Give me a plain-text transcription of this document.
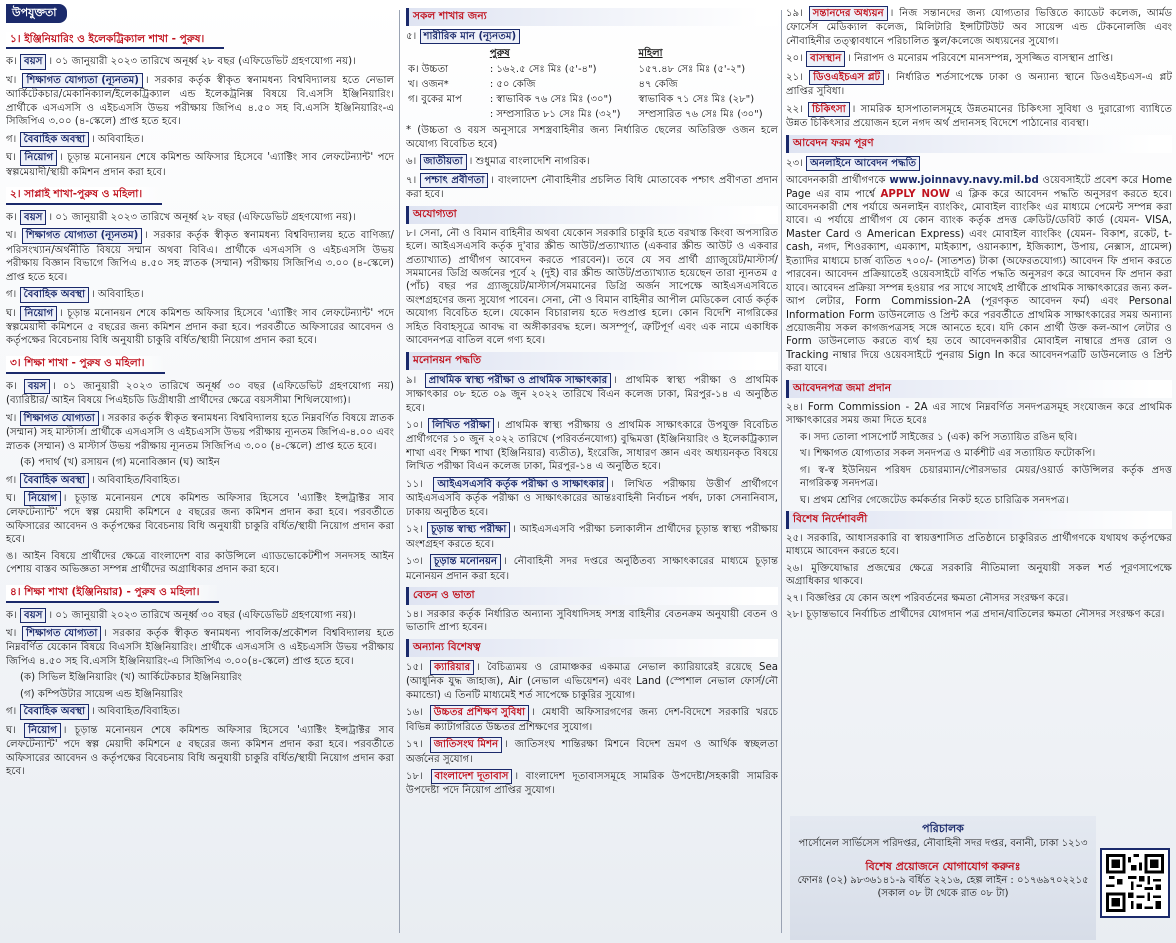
উপযুক্ততা
১। ইঞ্জিনিয়ারিং ও ইলেকট্রিক্যাল শাখা - পুরুষ।
ক। বয়স । ০১ জানুয়ারী ২০২৩ তারিখে অনূর্ধ্ব ২৮ বছর (এফিডেভিট গ্রহণযোগ্য নয়)।
খ। শিক্ষাগত যোগ্যতা (ন্যূনতম) । সরকার কর্তৃক স্বীকৃত স্বনামধন্য বিশ্ববিদ্যালয় হতে নেভাল আর্কিটেকচার/মেকানিক্যাল/ইলেকট্রিক্যাল এন্ড ইলেকট্রনিক্স বিষয়ে বি.এসসি ইঞ্জিনিয়ারিং। প্রার্থীকে এসএসসি ও এইচএসসি উভয় পরীক্ষায় জিপিএ ৪.৫০ সহ বি.এসসি ইঞ্জিনিয়ারিং-এ সিজিপিএ ৩.০০ (৪-স্কেলে) প্রাপ্ত হতে হবে।
গ। বৈবাহিক অবস্থা । অবিবাহিত।
ঘ। নিয়োগ । চূড়ান্ত মনোনয়ন শেষে কমিশন্ড অফিসার হিসেবে 'এ্যাক্টিং সাব লেফটেন্যান্ট' পদে স্বল্পমেয়াদী/স্থায়ী কমিশন প্রদান করা হবে।
২। সাপ্লাই শাখা-পুরুষ ও মহিলা।
ক। বয়স । ০১ জানুয়ারী ২০২৩ তারিখে অনূর্ধ্ব ২৮ বছর (এফিডেভিট গ্রহণযোগ্য নয়)।
খ। শিক্ষাগত যোগ্যতা (ন্যূনতম) । সরকার কর্তৃক স্বীকৃত স্বনামধন্য বিশ্ববিদ্যালয় হতে বাণিজ্য/পরিসংখ্যান/অর্থনীতি বিষয়ে সম্মান অথবা বিবিএ। প্রার্থীকে এসএসসি ও এইচএসসি উভয় পরীক্ষায় বিজ্ঞান বিভাগে জিপিএ ৪.৫০ সহ স্নাতক (সম্মান) পরীক্ষায় সিজিপিএ ৩.০০ (৪-স্কেলে) প্রাপ্ত হতে হবে।
গ। বৈবাহিক অবস্থা । অবিবাহিত।
ঘ। নিয়োগ । চূড়ান্ত মনোনয়ন শেষে কমিশন্ড অফিসার হিসেবে 'এ্যাক্টিং সাব লেফটেন্যান্ট' পদে স্বল্পমেয়াদী কমিশনে ৫ বছরের জন্য কমিশন প্রদান করা হবে। পরবর্তীতে অফিসারের আবেদন ও কর্তৃপক্ষের বিবেচনায় বিধি অনুযায়ী চাকুরি বর্ধিত/স্থায়ী নিয়োগ প্রদান করা হবে।
৩। শিক্ষা শাখা - পুরুষ ও মহিলা।
ক। বয়স । ০১ জানুয়ারী ২০২৩ তারিখে অনূর্ধ্ব ৩০ বছর (এফিডেভিট গ্রহণযোগ্য নয়) (ব্যারিষ্টার/ আইন বিষয়ে পিএইচডি ডিগ্রীধারী প্রার্থীদের ক্ষেত্রে বয়সসীমা শিথিলযোগ্য)।
খ। শিক্ষাগত যোগ্যতা । সরকার কর্তৃক স্বীকৃত স্বনামধন্য বিশ্ববিদ্যালয় হতে নিম্নবর্ণিত বিষয়ে স্নাতক (সম্মান) সহ মাস্টার্স। প্রার্থীকে এসএসসি ও এইচএসসি উভয় পরীক্ষায় ন্যূনতম জিপিএ-৪.০০ এবং স্নাতক (সম্মান) ও মাস্টার্স উভয় পরীক্ষায় ন্যূনতম সিজিপিএ ৩.০০ (৪-স্কেলে) প্রাপ্ত হতে হবে।
(ক) পদার্থ (খ) রসায়ন (গ) মনোবিজ্ঞান (ঘ) আইন
গ। বৈবাহিক অবস্থা । অবিবাহিত/বিবাহিত।
ঘ। নিয়োগ । চূড়ান্ত মনোনয়ন শেষে কমিশন্ড অফিসার হিসেবে 'এ্যাক্টিং ইন্সট্রাক্টর সাব লেফটেন্যান্ট' পদে স্বল্প মেয়াদী কমিশনে ৫ বছরের জন্য কমিশন প্রদান করা হবে। পরবর্তীতে অফিসারের আবেদন ও কর্তৃপক্ষের বিবেচনায় বিধি অনুযায়ী চাকুরি বর্ধিত/স্থায়ী নিয়োগ প্রদান করা হবে।
ঙ। আইন বিষয়ে প্রার্থীদের ক্ষেত্রে বাংলাদেশ বার কাউন্সিলে এ্যাডভোকেটশীপ সনদসহ আইন পেশায় বাস্তব অভিজ্ঞতা সম্পন্ন প্রার্থীদের অগ্রাধিকার প্রদান করা হবে।
৪। শিক্ষা শাখা (ইঞ্জিনিয়ার) - পুরুষ ও মহিলা।
ক। বয়স । ০১ জানুয়ারী ২০২৩ তারিখে অনূর্ধ্ব ৩০ বছর (এফিডেভিট গ্রহণযোগ্য নয়)।
খ। শিক্ষাগত যোগ্যতা । সরকার কর্তৃক স্বীকৃত স্বনামধন্য পাবলিক/প্রকৌশল বিশ্ববিদ্যালয় হতে নিম্নবর্ণিত যেকোন বিষয়ে বিএসসি ইঞ্জিনিয়ারিং। প্রার্থীকে এসএসসি ও এইচএসসি উভয় পরীক্ষায় জিপিএ ৪.৫০ সহ বি.এসসি ইঞ্জিনিয়ারিং-এ সিজিপিএ ৩.০০(৪-স্কেলে) প্রাপ্ত হতে হবে।
(ক) সিভিল ইঞ্জিনিয়ারিং (খ) আর্কিটেকচার ইঞ্জিনিয়ারিং
(গ) কম্পিউটার সায়েন্স এন্ড ইঞ্জিনিয়ারিং
গ। বৈবাহিক অবস্থা । অবিবাহিত/বিবাহিত।
ঘ। নিয়োগ । চূড়ান্ত মনোনয়ন শেষে কমিশন্ড অফিসার হিসেবে 'এ্যাক্টিং ইন্সট্রাক্টর সাব লেফটেন্যান্ট' পদে স্বল্প মেয়াদী কমিশনে ৫ বছরের জন্য কমিশন প্রদান করা হবে। পরবর্তীতে অফিসারের আবেদন ও কর্তৃপক্ষের বিবেচনায় বিধি অনুযায়ী চাকুরি বর্ধিত/স্থায়ী নিয়োগ প্রদান করা হবে।
সকল শাখার জন্য
৫। শারীরিক মান (ন্যূনতম)
	পুরুষ	মহিলা
ক। উচ্চতা	: ১৬২.৫ সেঃ মিঃ (৫'-৪")	১৫৭.৪৮ সেঃ মিঃ (৫'-২")
খ। ওজন*	: ৫০ কেজি	৪৭ কেজি
গ। বুকের মাপ	: স্বাভাবিক ৭৬ সেঃ মিঃ (৩০")	স্বাভাবিক ৭১ সেঃ মিঃ (২৮")
	: সম্প্রসারিত ৮১ সেঃ মিঃ (৩২")	সম্প্রসারিত ৭৬ সেঃ মিঃ (৩০")
* (উচ্চতা ও বয়স অনুসারে সশস্ত্রবাহিনীর জন্য নির্ধারিত ছেলের অতিরিক্ত ওজন হলে অযোগ্য বিবেচিত হবে)
৬। জাতীয়তা । শুধুমাত্র বাংলাদেশি নাগরিক।
৭। পশ্চাৎ প্রবীণতা । বাংলাদেশ নৌবাহিনীর প্রচলিত বিধি মোতাবেক পশ্চাৎ প্রবীণতা প্রদান করা হবে।
অযোগ্যতা
৮। সেনা, নৌ ও বিমান বাহিনীর অথবা যেকোন সরকারি চাকুরি হতে বরখাস্ত কিংবা অপসারিত হলে। আইএসএসবি কর্তৃক দু'বার স্ক্রীন্ড আউট/প্রত্যাখ্যাত (একবার স্ক্রীন্ড আউট ও একবার প্রত্যাখ্যাত) প্রার্থীগণ আবেদন করতে পারবেন)। তবে যে সব প্রার্থী গ্র্যাজুয়েট/মাস্টার্স/সমমানের ডিগ্রি অর্জনের পূর্বে ২ (দুই) বার স্ক্রীন্ড আউট/প্রত্যাখ্যাত হয়েছেন তারা ন্যূনতম ৫ (পাঁচ) বছর পর গ্র্যাজুয়েট/মাস্টার্স/সমমানের ডিগ্রি অর্জন সাপেক্ষে আইএসএসবিতে অংশগ্রহণের জন্য সুযোগ পাবেন। সেনা, নৌ ও বিমান বাহিনীর আপীল মেডিকেল বোর্ড কর্তৃক অযোগ্য বিবেচিত হলে। যেকোন বিচারালয় হতে দণ্ডপ্রাপ্ত হলে। কোন বিদেশি নাগরিকের সহিত বিবাহসূত্রে আবদ্ধ বা অঙ্গীকারবদ্ধ হলে। অসম্পূর্ণ, ত্রুটিপূর্ণ এবং এক নামে একাধিক আবেদনপত্র বাতিল বলে গণ্য হবে।
মনোনয়ন পদ্ধতি
৯। প্রাথমিক স্বাস্থ্য পরীক্ষা ও প্রাথমিক সাক্ষাৎকার । প্রাথমিক স্বাস্থ্য পরীক্ষা ও প্রাথমিক সাক্ষাৎকার ০৮ হতে ০৯ জুন ২০২২ তারিখে বিএন কলেজ ঢাকা, মিরপুর-১৪ এ অনুষ্ঠিত হবে।
১০। লিখিত পরীক্ষা । প্রাথমিক স্বাস্থ্য পরীক্ষায় ও প্রাথমিক সাক্ষাৎকারে উপযুক্ত বিবেচিত প্রার্থীগণের ১০ জুন ২০২২ তারিখে (পরিবর্তনযোগ্য) বুদ্ধিমত্তা (ইঞ্জিনিয়ারিং ও ইলেকট্রিক্যাল শাখা এবং শিক্ষা শাখা (ইঞ্জিনিয়ার) ব্যতীত), ইংরেজি, সাধারণ জ্ঞান এবং অধ্যয়নকৃত বিষয়ে লিখিত পরীক্ষা বিএন কলেজ ঢাকা, মিরপুর-১৪ এ অনুষ্ঠিত হবে।
১১। আইএসএসবি কর্তৃক পরীক্ষা ও সাক্ষাৎকার । লিখিত পরীক্ষায় উত্তীর্ণ প্রার্থীগণে আইএসএসবি কর্তৃক পরীক্ষা ও সাক্ষাৎকারের আন্তঃবাহিনী নির্বাচন পর্ষদ, ঢাকা সেনানিবাস, ঢাকায় অনুষ্ঠিত হবে।
১২। চূড়ান্ত স্বাস্থ্য পরীক্ষা । আইএসএসবি পরীক্ষা চলাকালীন প্রার্থীদের চূড়ান্ত স্বাস্থ্য পরীক্ষায় অংশগ্রহণ করতে হবে।
১৩। চূড়ান্ত মনোনয়ন । নৌবাহিনী সদর দপ্তরে অনুষ্ঠিতব্য সাক্ষাৎকারের মাধ্যমে চূড়ান্ত মনোনয়ন প্রদান করা হবে।
বেতন ও ভাতা
১৪। সরকার কর্তৃক নির্ধারিত অন্যান্য সুবিধাদিসহ সশস্ত্র বাহিনীর বেতনক্রম অনুযায়ী বেতন ও ভাতাদি প্রাপ্য হবেন।
অন্যান্য বিশেষত্ব
১৫। ক্যারিয়ার । বৈচিত্র্যময় ও রোমাঞ্চকর একমাত্র নেভাল ক্যারিয়ারেই রয়েছে Sea (আধুনিক যুদ্ধ জাহাজ), Air (নেভাল এভিয়েশন) এবং Land (স্পেশাল নেভাল ফোর্স/নৌ কমান্ডো) এ তিনটি মাধ্যমেই শর্ত সাপেক্ষে চাকুরির সুযোগ।
১৬। উচ্চতর প্রশিক্ষণ সুবিধা । মেধাবী অফিসারগণের জন্য দেশ-বিদেশে সরকারি খরচে বিভিন্ন ক্যাটাগরিতে উচ্চতর প্রশিক্ষণের সুযোগ।
১৭। জাতিসংঘ মিশন । জাতিসংঘ শান্তিরক্ষা মিশনে বিদেশ ভ্রমণ ও আর্থিক স্বচ্ছলতা অর্জনের সুযোগ।
১৮। বাংলাদেশ দূতাবাস । বাংলাদেশ দূতাবাসসমূহে সামরিক উপদেষ্টা/সহকারী সামরিক উপদেষ্টা পদে নিয়োগ প্রাপ্তির সুযোগ।
১৯। সন্তানদের অধ্যয়ন । নিজ সন্তানদের জন্য যোগ্যতার ভিত্তিতে ক্যাডেট কলেজ, আর্মড ফোর্সেস মেডিক্যাল কলেজ, মিলিটারি ইন্সটিটিউট অব সায়েন্স এন্ড টেকনোলজি এবং নৌবাহিনীর তত্ত্বাবধানে পরিচালিত স্কুল/কলেজে অধ্যয়নের সুযোগ।
২০। বাসস্থান । নিরাপদ ও মনোরম পরিবেশে মানসম্পন্ন, সুসজ্জিত বাসস্থান প্রাপ্তি।
২১। ডিওএইচএস প্লট । নির্ধারিত শর্তসাপেক্ষে ঢাকা ও অন্যান্য স্থানে ডিওএইচএস-এ প্লট প্রাপ্তির সুবিধা।
২২। চিকিৎসা । সামরিক হাসপাতালসমূহে উন্নতমানের চিকিৎসা সুবিধা ও দুরারোগ্য ব্যাধিতে উন্নত চিকিৎসার প্রয়োজন হলে নগদ অর্থ প্রদানসহ বিদেশে পাঠানোর ব্যবস্থা।
আবেদন ফরম পূরণ
২৩। অনলাইনে আবেদন পদ্ধতি
আবেদনকারী প্রার্থীগণকে www.joinnavy.navy.mil.bd ওয়েবসাইটে প্রবেশ করে Home Page এর বাম পার্শ্বে APPLY NOW এ ক্লিক করে আবেদন পদ্ধতি অনুসরণ করতে হবে। আবেদনকারী শেষ পর্যায়ে অনলাইন ব্যাংকিং, মোবাইল ব্যাংকিং এর মাধ্যমে পেমেন্ট সম্পন্ন করা যাবে। এ পর্যায়ে প্রার্থীগণ যে কোন ব্যাংক কর্তৃক প্রদত্ত ক্রেডিট/ডেবিট কার্ড (যেমন- VISA, Master Card ও American Express) এবং মোবাইল ব্যাংকিং (যেমন- বিকাশ, রকেট, t-cash, নগদ, শিওরক্যাশ, এমক্যাশ, মাইক্যাশ, ওয়ানক্যাশ, ইজিক্যাশ, উপায়, নেক্সাস, গ্রামেন্স) ইত্যাদির মাধ্যমে চার্জ ব্যতিত ৭০০/- (সাতশত) টাকা (অফেরতযোগ্য) আবেদন ফি প্রদান করতে পারবেন। আবেদন প্রক্রিয়াতেই ওয়েবসাইটে বর্ণিত পদ্ধতি অনুসরণ করে আবেদন ফি প্রদান করা যাবে। আবেদন প্রক্রিয়া সম্পন্ন হওয়ার পর সাথে সাথেই প্রার্থীকে প্রাথমিক সাক্ষাৎকারের জন্য কল-আপ লেটার, Form Commission-2A (পূরণকৃত আবেদন ফর্ম) এবং Personal Information Form ডাউনলোড ও প্রিন্ট করে পরবর্তীতে প্রাথমিক সাক্ষাৎকারের সময় অন্যান্য প্রয়োজনীয় সকল কাগজপত্রসহ সঙ্গে আনতে হবে। যদি কোন প্রার্থী উক্ত কল-আপ লেটার ও Form ডাউনলোড করতে ব্যর্থ হয় তবে আবেদনকারীর মোবাইল নাম্বারে প্রদত্ত রোল ও Tracking নাম্বার দিয়ে ওয়েবসাইটে পুনরায় Sign In করে আবেদনপত্রটি ডাউনলোড ও প্রিন্ট করা যাবে।
আবেদনপত্র জমা প্রদান
২৪। Form Commission - 2A এর সাথে নিম্নবর্ণিত সনদপত্রসমূহ সংযোজন করে প্রাথমিক সাক্ষাৎকারের সময় জমা দিতে হবেঃ
ক। সদ্য তোলা পাসপোর্ট সাইজের ১ (এক) কপি সত্যায়িত রঙিন ছবি।
খ। শিক্ষাগত যোগ্যতার সকল সনদপত্র ও মার্কশীট এর সত্যায়িত ফটোকপি।
গ। স্ব-স্ব ইউনিয়ন পরিষদ চেয়ারম্যান/পৌরসভার মেয়র/ওয়ার্ড কাউন্সিলর কর্তৃক প্রদত্ত নাগরিকত্ব সনদপত্র।
ঘ। প্রথম শ্রেণির গেজেটেড কর্মকর্তার নিকট হতে চারিত্রিক সনদপত্র।
বিশেষ নির্দেশাবলী
২৫। সরকারি, আধাসরকারি বা স্বায়ত্তশাসিত প্রতিষ্ঠানে চাকুরিরত প্রার্থীগণকে যথাযথ কর্তৃপক্ষের মাধ্যমে আবেদন করতে হবে।
২৬। মুক্তিযোদ্ধার প্রজন্মের ক্ষেত্রে সরকারি নীতিমালা অনুযায়ী সকল শর্ত পূরণসাপেক্ষে অগ্রাধিকার থাকবে।
২৭। বিজ্ঞপ্তির যে কোন অংশ পরিবর্তনের ক্ষমতা নৌসদর সংরক্ষণ করে।
২৮। চূড়ান্তভাবে নির্বাচিত প্রার্থীদের যোগদান পত্র প্রদান/বাতিলের ক্ষমতা নৌসদর সংরক্ষণ করে।
পরিচালক
পার্সোনেল সার্ভিসেস পরিদপ্তর, নৌবাহিনী সদর দপ্তর, বনানী, ঢাকা ১২১৩
বিশেষ প্রয়োজনে যোগাযোগ করুনঃ
ফোনঃ (০২) ৯৮৩৬১৪১-৯ বর্ধিত ২২১৬, হেল্প লাইন : ০১৭৬৯৭০২২১৫
(সকাল ০৮ টা থেকে রাত ০৮ টা)
